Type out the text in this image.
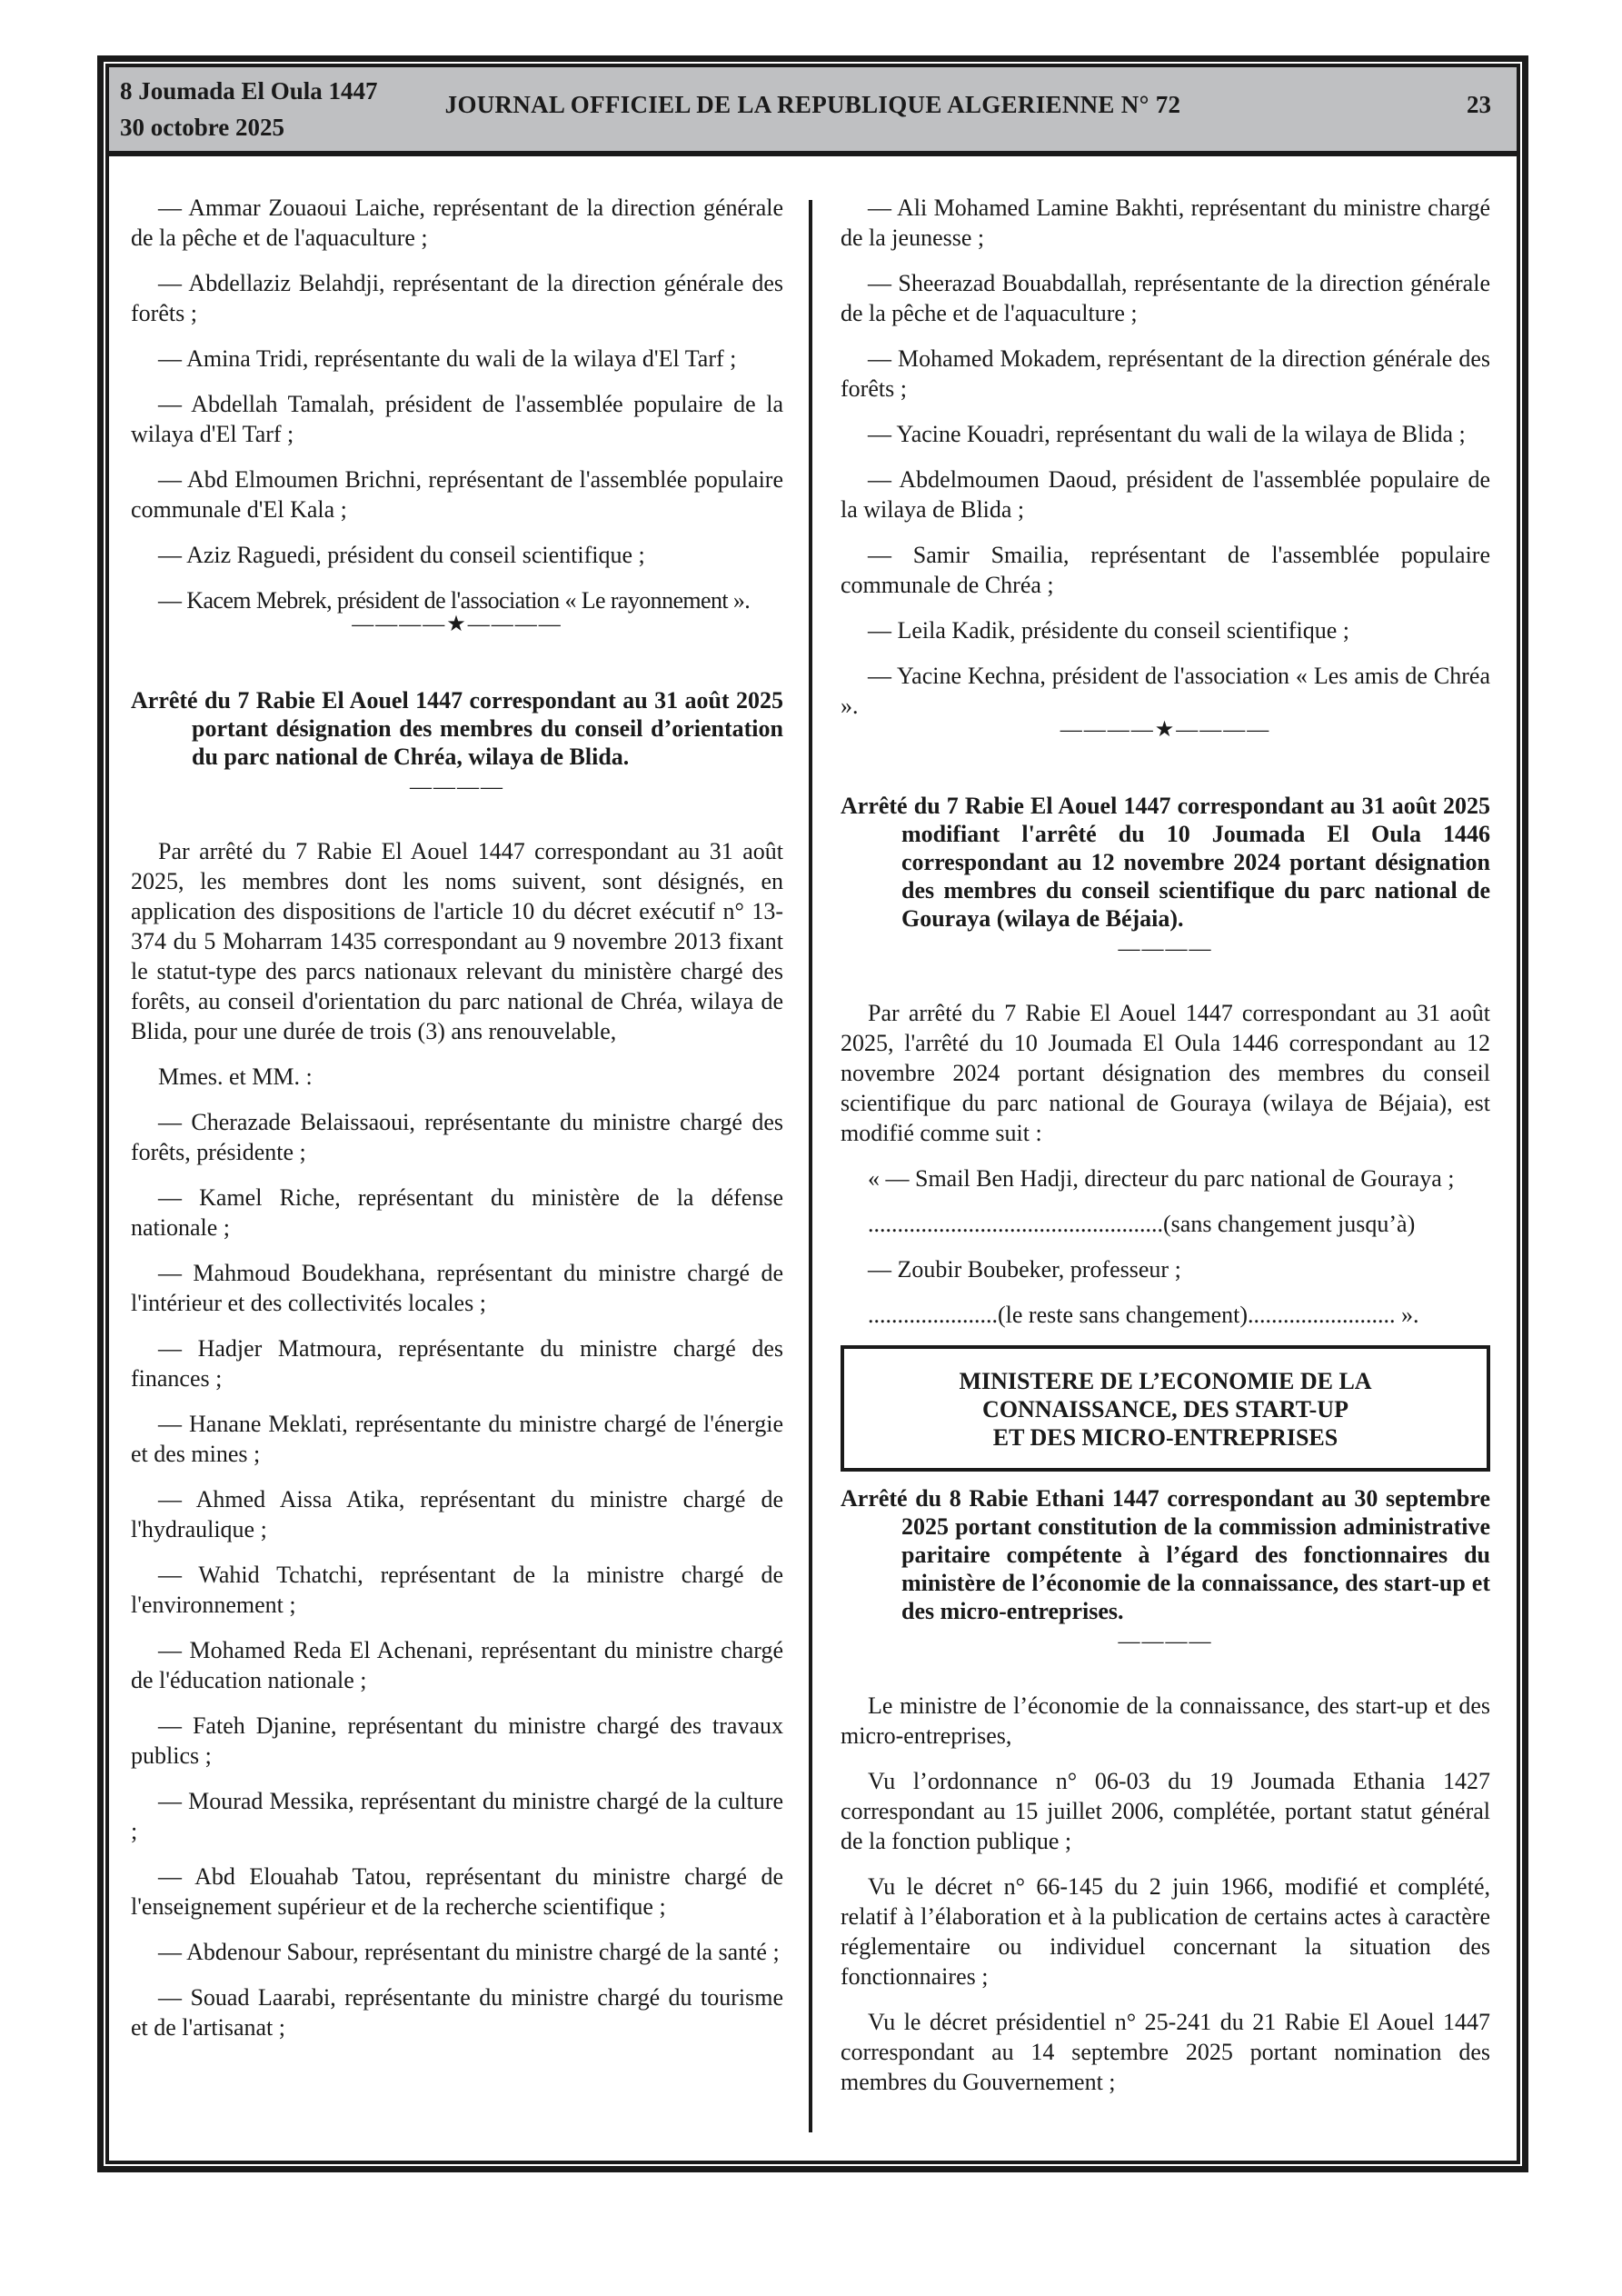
8 Joumada El Oula 1447
30 octobre 2025
JOURNAL OFFICIEL DE LA REPUBLIQUE ALGERIENNE N° 72	23

— Ammar Zouaoui Laiche, représentant de la direction générale de la pêche et de l'aquaculture ;

— Abdellaziz Belahdji, représentant de la direction générale des forêts ;

— Amina Tridi, représentante du wali de la wilaya d'El Tarf ;

— Abdellah Tamalah, président de l'assemblée populaire de la wilaya d'El Tarf ;

— Abd Elmoumen Brichni, représentant de l'assemblée populaire communale d'El Kala ;

— Aziz Raguedi, président du conseil scientifique ;

— Kacem Mebrek, président de l'association « Le rayonnement ».

————★————
Arrêté du 7 Rabie El Aouel 1447 correspondant au 31 août 2025 portant désignation des membres du conseil d’orientation du parc national de Chréa, wilaya de Blida.
————

Par arrêté du 7 Rabie El Aouel 1447 correspondant au 31 août 2025, les membres dont les noms suivent, sont désignés, en application des dispositions de l'article 10 du décret exécutif n° 13-374 du 5 Moharram 1435 correspondant au 9 novembre 2013 fixant le statut-type des parcs nationaux relevant du ministère chargé des forêts, au conseil d'orientation du parc national de Chréa, wilaya de Blida, pour une durée de trois (3) ans renouvelable,

Mmes. et MM. :

— Cherazade Belaissaoui, représentante du ministre chargé des forêts, présidente ;

— Kamel Riche, représentant du ministère de la défense nationale ;

— Mahmoud Boudekhana, représentant du ministre chargé de l'intérieur et des collectivités locales ;

— Hadjer Matmoura, représentante du ministre chargé des finances ;

— Hanane Meklati, représentante du ministre chargé de l'énergie et des mines ;

— Ahmed Aissa Atika, représentant du ministre chargé de l'hydraulique ;

— Wahid Tchatchi, représentant de la ministre chargé de l'environnement ;

— Mohamed Reda El Achenani, représentant du ministre chargé de l'éducation nationale ;

— Fateh Djanine, représentant du ministre chargé des travaux publics ;

— Mourad Messika, représentant du ministre chargé de la culture ;

— Abd Elouahab Tatou, représentant du ministre chargé de l'enseignement supérieur et de la recherche scientifique ;

— Abdenour Sabour, représentant du ministre chargé de la santé ;

— Souad Laarabi, représentante du ministre chargé du tourisme et de l'artisanat ;

— Ali Mohamed Lamine Bakhti, représentant du ministre chargé de la jeunesse ;

— Sheerazad Bouabdallah, représentante de la direction générale de la pêche et de l'aquaculture ;

— Mohamed Mokadem, représentant de la direction générale des forêts ;

— Yacine Kouadri, représentant du wali de la wilaya de Blida ;

— Abdelmoumen Daoud, président de l'assemblée populaire de la wilaya de Blida ;

— Samir Smailia, représentant de l'assemblée populaire communale de Chréa ;

— Leila Kadik, présidente du conseil scientifique ;

— Yacine Kechna, président de l'association « Les amis de Chréa ».

————★————
Arrêté du 7 Rabie El Aouel 1447 correspondant au 31 août 2025 modifiant l'arrêté du 10 Joumada El Oula 1446 correspondant au 12 novembre 2024 portant désignation des membres du conseil scientifique du parc national de Gouraya (wilaya de Béjaia).
————

Par arrêté du 7 Rabie El Aouel 1447 correspondant au 31 août 2025, l'arrêté du 10 Joumada El Oula 1446 correspondant au 12 novembre 2024 portant désignation des membres du conseil scientifique du parc national de Gouraya (wilaya de Béjaia), est modifié comme suit :

« — Smail Ben Hadji, directeur du parc national de Gouraya ;

..................................................(sans changement jusqu’à)

— Zoubir Boubeker, professeur ;

......................(le reste sans changement)......................... ».

MINISTERE DE L’ECONOMIE DE LA
CONNAISSANCE, DES START-UP
ET DES MICRO-ENTREPRISES
Arrêté du 8 Rabie Ethani 1447 correspondant au 30 septembre 2025 portant constitution de la commission administrative paritaire compétente à l’égard des fonctionnaires du ministère de l’économie de la connaissance, des start-up et des micro-entreprises.
————

Le ministre de l’économie de la connaissance, des start-up et des micro-entreprises,

Vu l’ordonnance n° 06-03 du 19 Joumada Ethania 1427 correspondant au 15 juillet 2006, complétée, portant statut général de la fonction publique ;

Vu le décret n° 66-145 du 2 juin 1966, modifié et complété, relatif à l’élaboration et à la publication de certains actes à caractère réglementaire ou individuel concernant la situation des fonctionnaires ;

Vu le décret présidentiel n° 25-241 du 21 Rabie El Aouel 1447 correspondant au 14 septembre 2025 portant nomination des membres du Gouvernement ;
